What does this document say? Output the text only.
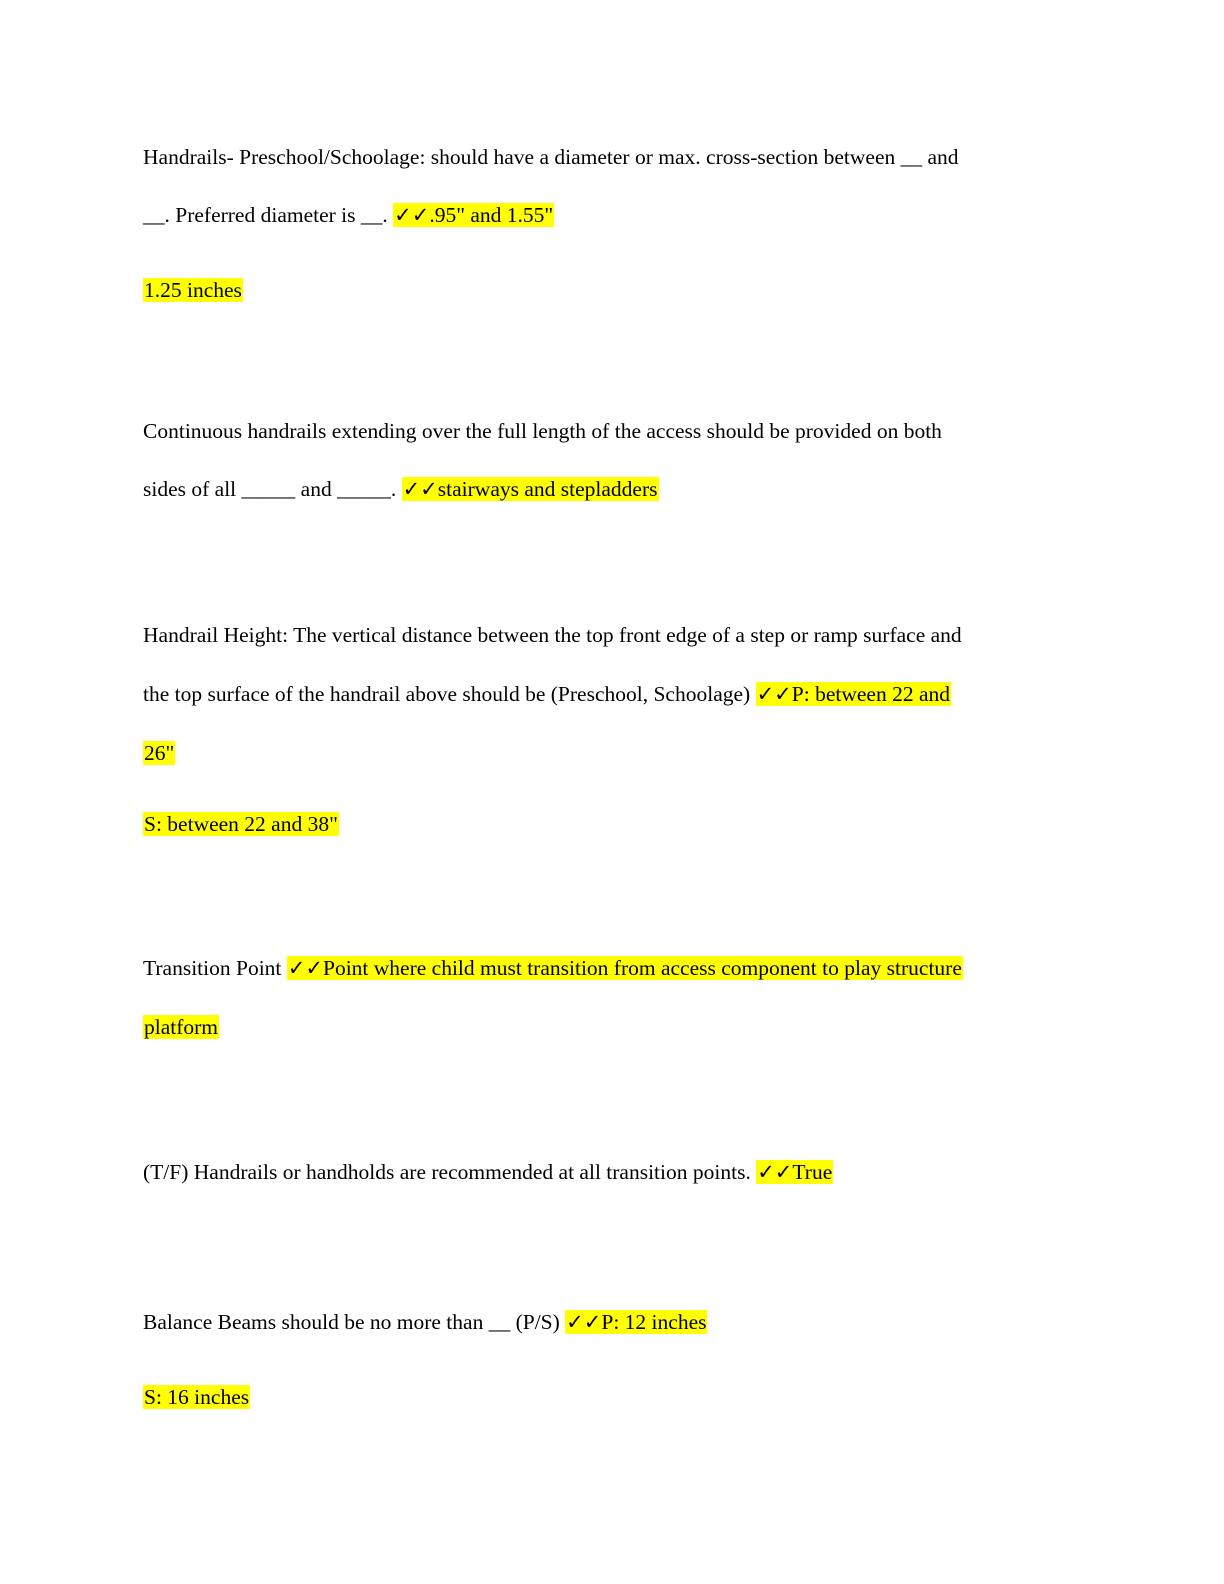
Handrails- Preschool/Schoolage: should have a diameter or max. cross-section between __ and
__. Preferred diameter is __. ✓✓.95" and 1.55"
1.25 inches
Continuous handrails extending over the full length of the access should be provided on both
sides of all _____ and _____. ✓✓stairways and stepladders
Handrail Height: The vertical distance between the top front edge of a step or ramp surface and
the top surface of the handrail above should be (Preschool, Schoolage) ✓✓P: between 22 and
26"
S: between 22 and 38"
Transition Point ✓✓Point where child must transition from access component to play structure
platform
(T/F) Handrails or handholds are recommended at all transition points. ✓✓True
Balance Beams should be no more than __ (P/S) ✓✓P: 12 inches
S: 16 inches
